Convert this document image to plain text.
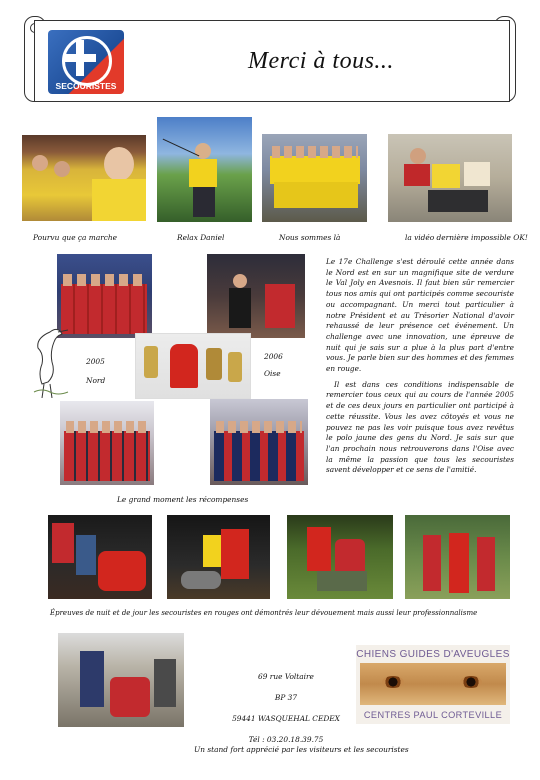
SECOURISTES
Merci à tous...
Pourvu que ça marche	Relax Daniel	Nous sommes là	la vidéo dernière impossible OK!
2005
Nord
2006
Oise

Le 17e Challenge s'est déroulé cette année dans le Nord est en sur un magnifique site de verdure le Val Joly en Avesnois. Il faut bien sûr remercier tous nos amis qui ont participés comme secouriste ou accompagnant. Un merci tout particulier à notre Président et au Trésorier National d'avoir rehaussé de leur présence cet événement. Un challenge avec une innovation, une épreuve de nuit qui je sais sur a plue à la plus part d'entre vous. Je parle bien sur des hommes et des femmes en rouge.

Il est dans ces conditions indispensable de remercier tous ceux qui au cours de l'année 2005 et de ces deux jours en particulier ont participé à cette réussite. Vous les avez côtoyés et vous ne pouvez ne pas les voir puisque tous avez revêtus le polo jaune des gens du Nord. Je sais sur que l'an prochain nous retrouverons dans l'Oise avec la même la passion que tous les secouristes savent développer et ce sens de l'amitié.

Le grand moment les récompenses
Épreuves de nuit et de jour les secouristes en rouges ont démontrés leur dévouement mais aussi leur professionnalisme
69 rue Voltaire
BP 37
59441 WASQUEHAL CEDEX
Tél : 03.20.18.39.75
CHIENS GUIDES D'AVEUGLES
CENTRES PAUL CORTEVILLE
Un stand fort apprécié par les visiteurs et les secouristes
